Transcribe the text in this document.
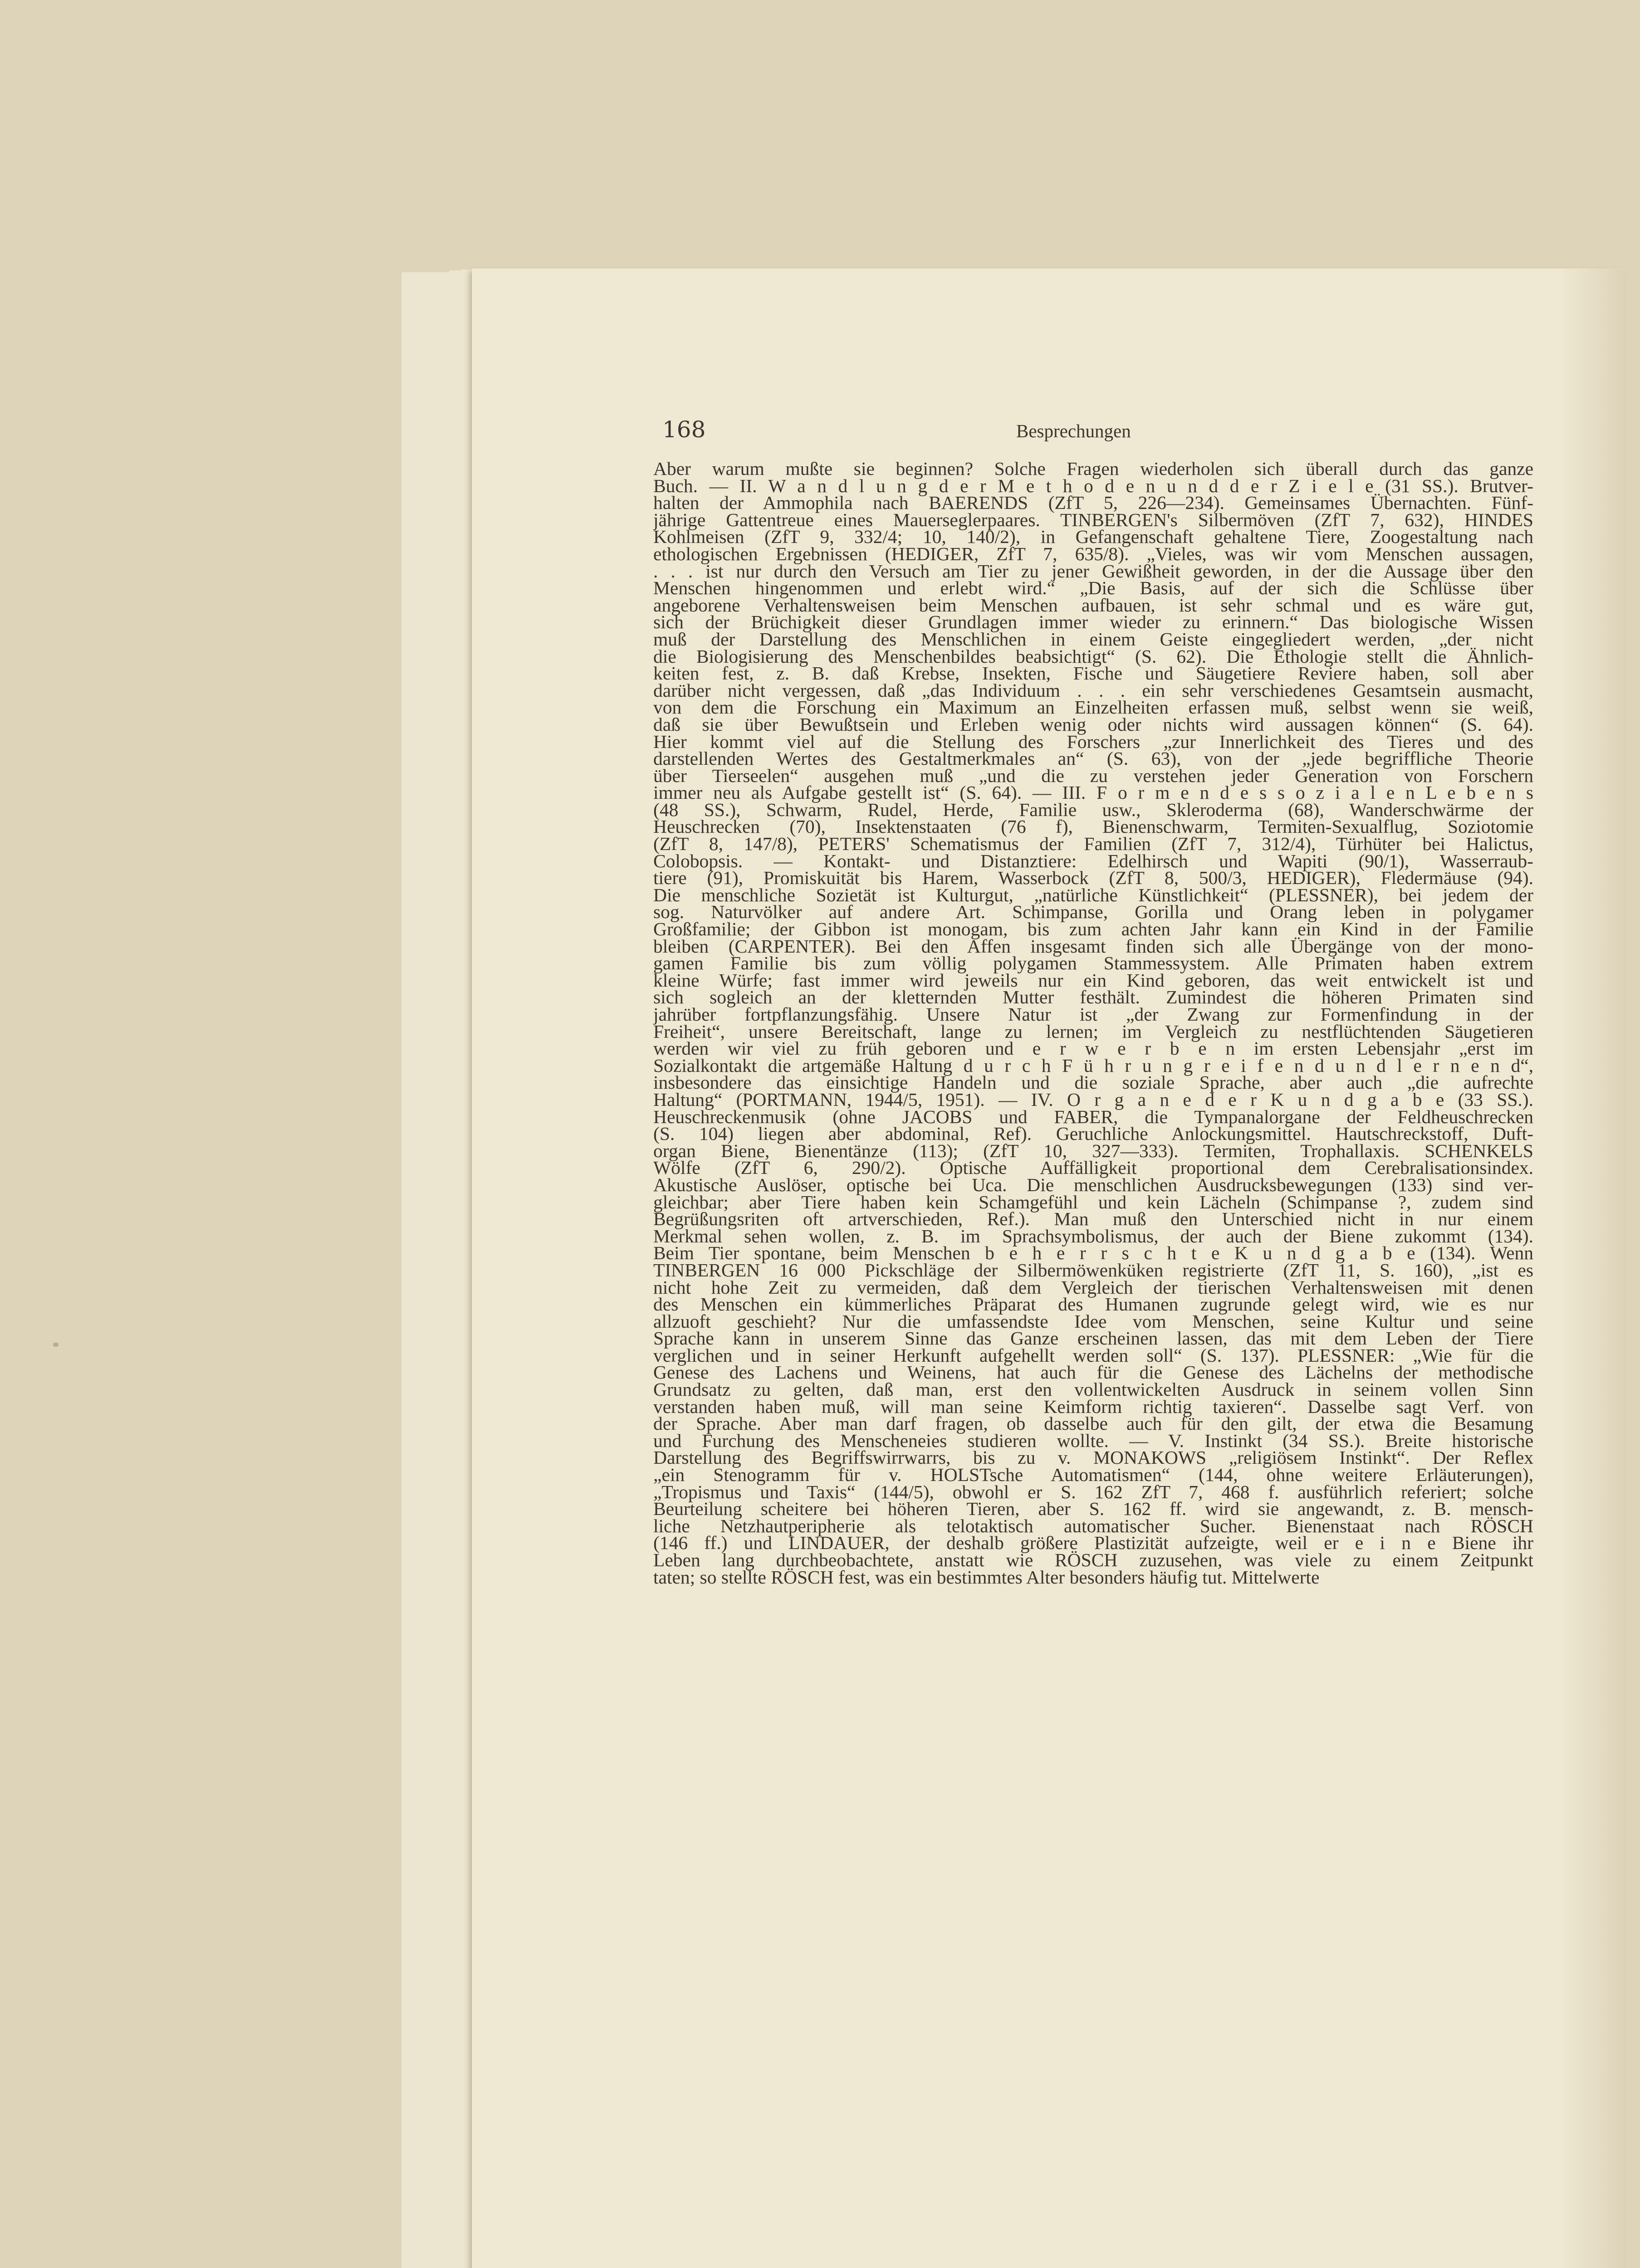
168	Besprechungen
Aber warum mußte sie beginnen? Solche Fragen wiederholen sich überall durch das ganze
Buch. — II. W a n d l u n g d e r M e t h o d e n u n d d e r Z i e l e (31 SS.). Brutver-
halten der Ammophila nach BAERENDS (ZfT 5, 226—234). Gemeinsames Übernachten. Fünf-
jährige Gattentreue eines Mauerseglerpaares. TINBERGEN's Silbermöven (ZfT 7, 632), HINDES
Kohlmeisen (ZfT 9, 332/4; 10, 140/2), in Gefangenschaft gehaltene Tiere, Zoogestaltung nach
ethologischen Ergebnissen (HEDIGER, ZfT 7, 635/8). „Vieles, was wir vom Menschen aussagen,
. . . ist nur durch den Versuch am Tier zu jener Gewißheit geworden, in der die Aussage über den
Menschen hingenommen und erlebt wird.“ „Die Basis, auf der sich die Schlüsse über
angeborene Verhaltensweisen beim Menschen aufbauen, ist sehr schmal und es wäre gut,
sich der Brüchigkeit dieser Grundlagen immer wieder zu erinnern.“ Das biologische Wissen
muß der Darstellung des Menschlichen in einem Geiste eingegliedert werden, „der nicht
die Biologisierung des Menschenbildes beabsichtigt“ (S. 62). Die Ethologie stellt die Ähnlich-
keiten fest, z. B. daß Krebse, Insekten, Fische und Säugetiere Reviere haben, soll aber
darüber nicht vergessen, daß „das Individuum . . . ein sehr verschiedenes Gesamtsein ausmacht,
von dem die Forschung ein Maximum an Einzelheiten erfassen muß, selbst wenn sie weiß,
daß sie über Bewußtsein und Erleben wenig oder nichts wird aussagen können“ (S. 64).
Hier kommt viel auf die Stellung des Forschers „zur Innerlichkeit des Tieres und des
darstellenden Wertes des Gestaltmerkmales an“ (S. 63), von der „jede begriffliche Theorie
über Tierseelen“ ausgehen muß „und die zu verstehen jeder Generation von Forschern
immer neu als Aufgabe gestellt ist“ (S. 64). — III. F o r m e n d e s s o z i a l e n L e b e n s
(48 SS.), Schwarm, Rudel, Herde, Familie usw., Skleroderma (68), Wanderschwärme der
Heuschrecken (70), Insektenstaaten (76 f), Bienenschwarm, Termiten-Sexualflug, Soziotomie
(ZfT 8, 147/8), PETERS' Schematismus der Familien (ZfT 7, 312/4), Türhüter bei Halictus,
Colobopsis. — Kontakt- und Distanztiere: Edelhirsch und Wapiti (90/1), Wasserraub-
tiere (91), Promiskuität bis Harem, Wasserbock (ZfT 8, 500/3, HEDIGER), Fledermäuse (94).
Die menschliche Sozietät ist Kulturgut, „natürliche Künstlichkeit“ (PLESSNER), bei jedem der
sog. Naturvölker auf andere Art. Schimpanse, Gorilla und Orang leben in polygamer
Großfamilie; der Gibbon ist monogam, bis zum achten Jahr kann ein Kind in der Familie
bleiben (CARPENTER). Bei den Affen insgesamt finden sich alle Übergänge von der mono-
gamen Familie bis zum völlig polygamen Stammessystem. Alle Primaten haben extrem
kleine Würfe; fast immer wird jeweils nur ein Kind geboren, das weit entwickelt ist und
sich sogleich an der kletternden Mutter festhält. Zumindest die höheren Primaten sind
jahrüber fortpflanzungsfähig. Unsere Natur ist „der Zwang zur Formenfindung in der
Freiheit“, unsere Bereitschaft, lange zu lernen; im Vergleich zu nestflüchtenden Säugetieren
werden wir viel zu früh geboren und e r w e r b e n im ersten Lebensjahr „erst im
Sozialkontakt die artgemäße Haltung d u r c h F ü h r u n g r e i f e n d u n d l e r n e n d“,
insbesondere das einsichtige Handeln und die soziale Sprache, aber auch „die aufrechte
Haltung“ (PORTMANN, 1944/5, 1951). — IV. O r g a n e d e r K u n d g a b e (33 SS.).
Heuschreckenmusik (ohne JACOBS und FABER, die Tympanalorgane der Feldheuschrecken
(S. 104) liegen aber abdominal, Ref). Geruchliche Anlockungsmittel. Hautschreckstoff, Duft-
organ Biene, Bienentänze (113); (ZfT 10, 327—333). Termiten, Trophallaxis. SCHENKELS
Wölfe (ZfT 6, 290/2). Optische Auffälligkeit proportional dem Cerebralisationsindex.
Akustische Auslöser, optische bei Uca. Die menschlichen Ausdrucksbewegungen (133) sind ver-
gleichbar; aber Tiere haben kein Schamgefühl und kein Lächeln (Schimpanse ?, zudem sind
Begrüßungsriten oft artverschieden, Ref.). Man muß den Unterschied nicht in nur einem
Merkmal sehen wollen, z. B. im Sprachsymbolismus, der auch der Biene zukommt (134).
Beim Tier spontane, beim Menschen b e h e r r s c h t e K u n d g a b e (134). Wenn
TINBERGEN 16 000 Pickschläge der Silbermöwenküken registrierte (ZfT 11, S. 160), „ist es
nicht hohe Zeit zu vermeiden, daß dem Vergleich der tierischen Verhaltensweisen mit denen
des Menschen ein kümmerliches Präparat des Humanen zugrunde gelegt wird, wie es nur
allzuoft geschieht? Nur die umfassendste Idee vom Menschen, seine Kultur und seine
Sprache kann in unserem Sinne das Ganze erscheinen lassen, das mit dem Leben der Tiere
verglichen und in seiner Herkunft aufgehellt werden soll“ (S. 137). PLESSNER: „Wie für die
Genese des Lachens und Weinens, hat auch für die Genese des Lächelns der methodische
Grundsatz zu gelten, daß man, erst den vollentwickelten Ausdruck in seinem vollen Sinn
verstanden haben muß, will man seine Keimform richtig taxieren“. Dasselbe sagt Verf. von
der Sprache. Aber man darf fragen, ob dasselbe auch für den gilt, der etwa die Besamung
und Furchung des Menscheneies studieren wollte. — V. Instinkt (34 SS.). Breite historische
Darstellung des Begriffswirrwarrs, bis zu v. MONAKOWS „religiösem Instinkt“. Der Reflex
„ein Stenogramm für v. HOLSTsche Automatismen“ (144, ohne weitere Erläuterungen),
„Tropismus und Taxis“ (144/5), obwohl er S. 162 ZfT 7, 468 f. ausführlich referiert; solche
Beurteilung scheitere bei höheren Tieren, aber S. 162 ff. wird sie angewandt, z. B. mensch-
liche Netzhautperipherie als telotaktisch automatischer Sucher. Bienenstaat nach RÖSCH
(146 ff.) und LINDAUER, der deshalb größere Plastizität aufzeigte, weil er e i n e Biene ihr
Leben lang durchbeobachtete, anstatt wie RÖSCH zuzusehen, was viele zu einem Zeitpunkt
taten; so stellte RÖSCH fest, was ein bestimmtes Alter besonders häufig tut. Mittelwerte
